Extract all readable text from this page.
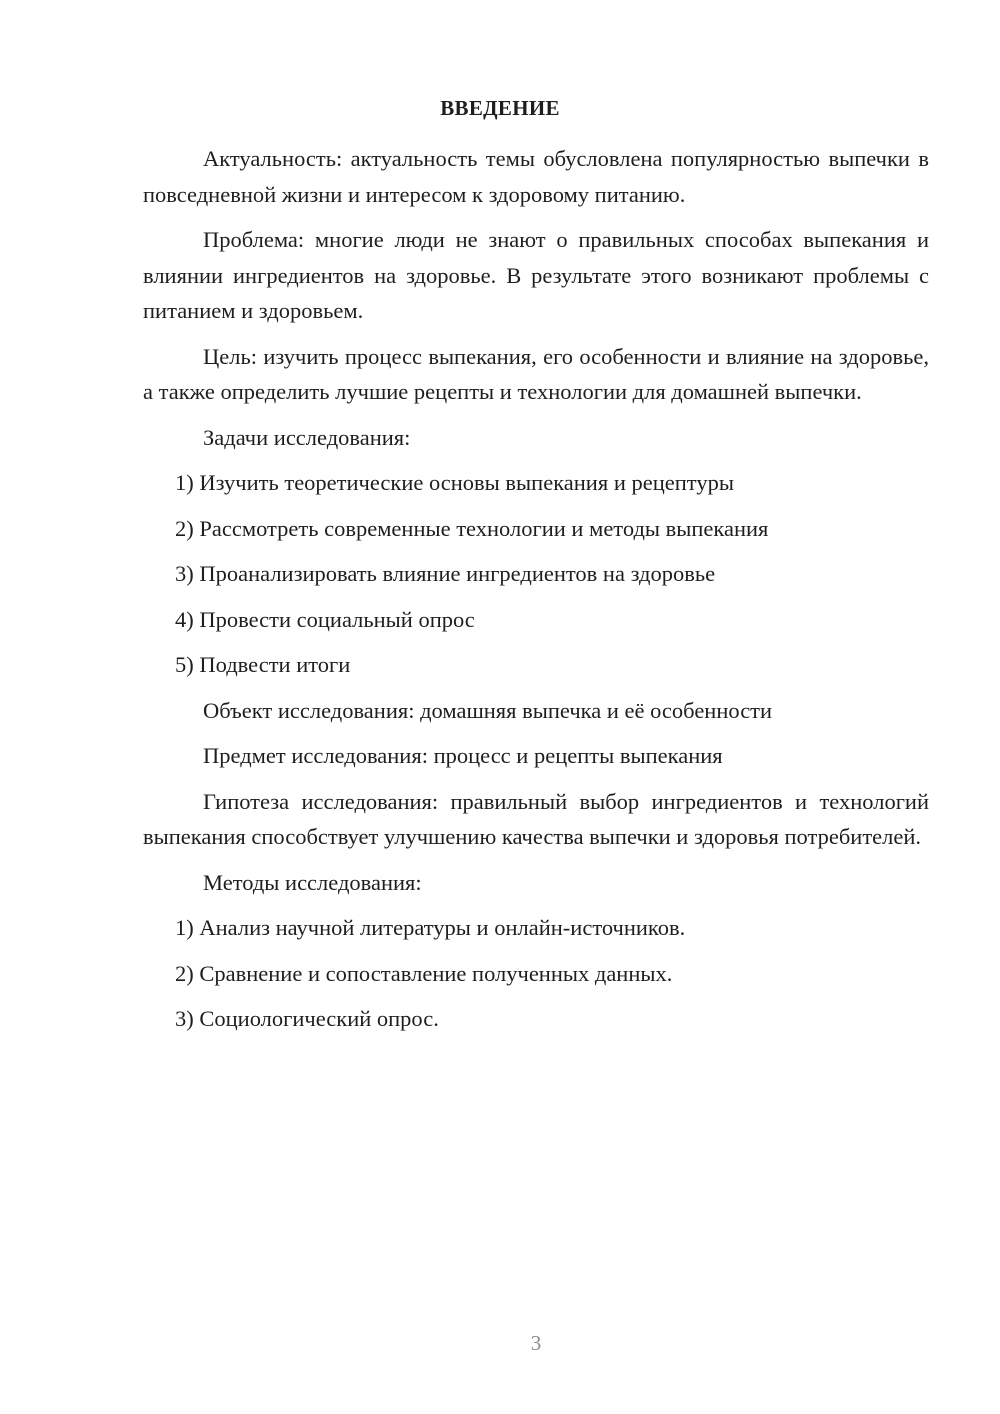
ВВЕДЕНИЕ

Актуальность: актуальность темы обусловлена популярностью выпечки в повседневной жизни и интересом к здоровому питанию.

Проблема: многие люди не знают о правильных способах выпекания и влиянии ингредиентов на здоровье. В результате этого возникают проблемы с питанием и здоровьем.

Цель: изучить процесс выпекания, его особенности и влияние на здоровье, а также определить лучшие рецепты и технологии для домашней выпечки.

Задачи исследования:
1) Изучить теоретические основы выпекания и рецептуры
2) Рассмотреть современные технологии и методы выпекания
3) Проанализировать влияние ингредиентов на здоровье
4) Провести социальный опрос
5) Подвести итоги
Объект исследования: домашняя выпечка и её особенности
Предмет исследования: процесс и рецепты выпекания

Гипотеза исследования: правильный выбор ингредиентов и технологий выпекания способствует улучшению качества выпечки и здоровья потребителей.

Методы исследования:
1) Анализ научной литературы и онлайн-источников.
2) Сравнение и сопоставление полученных данных.
3) Социологический опрос.
3
